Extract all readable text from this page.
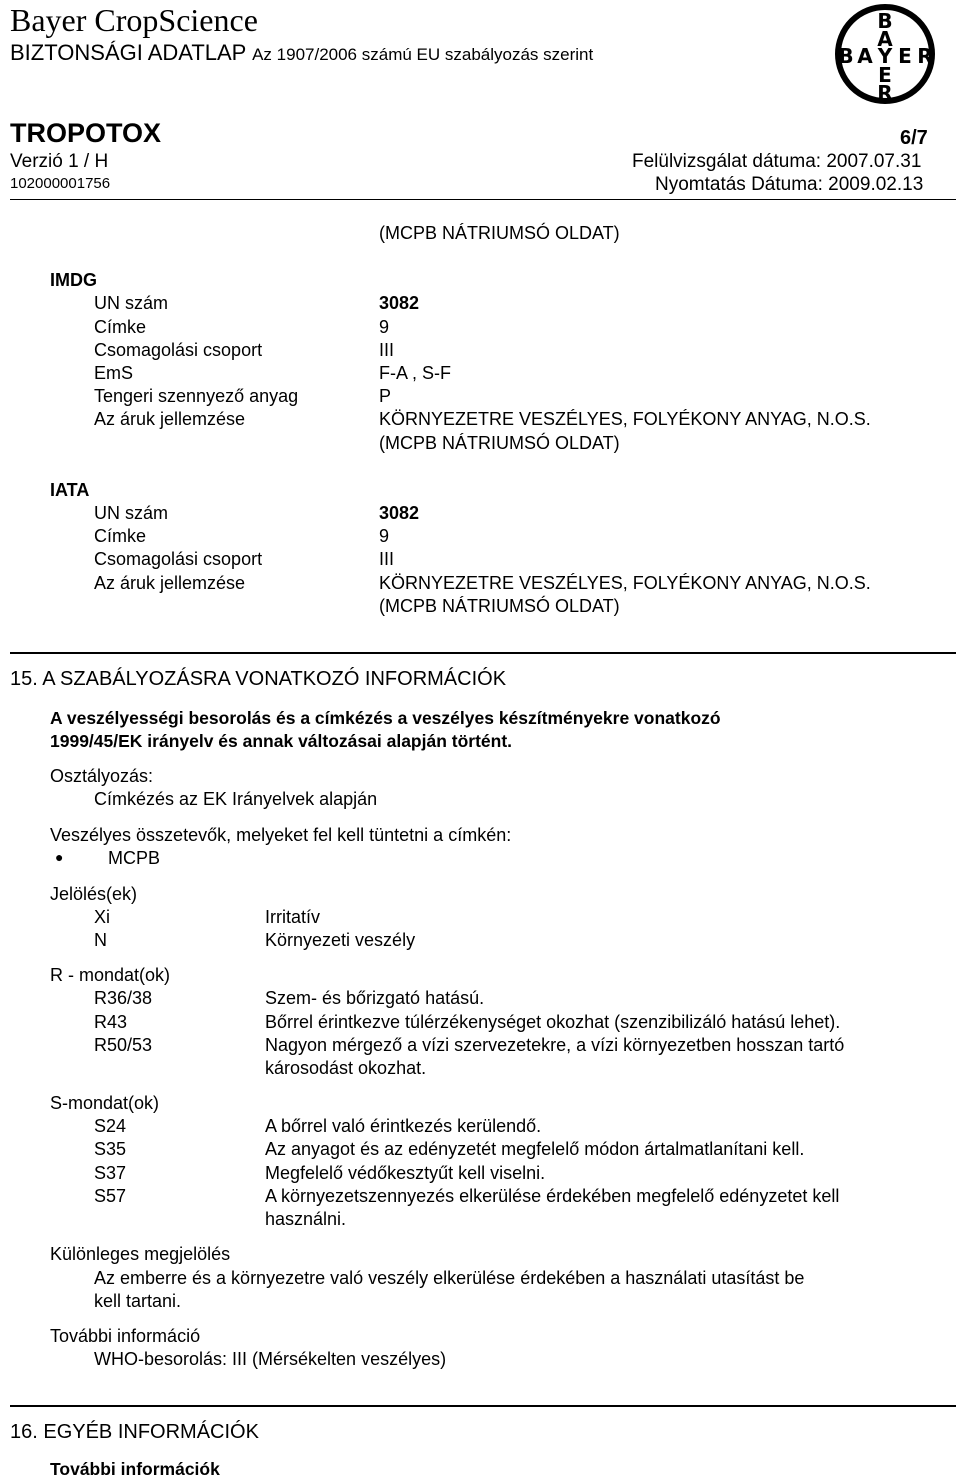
Bayer CropScience
BIZTONSÁGI ADATLAP Az 1907/2006 számú EU szabályozás szerint
B
A
B A Y E R
E
R
TROPOTOX	6/7
Verzió 1 / H	Felülvizsgálat dátuma: 2007.07.31
102000001756	Nyomtatás Dátuma: 2009.02.13
(MCPB NÁTRIUMSÓ OLDAT)
IMDG
UN szám	3082
Címke	9
Csomagolási csoport	III
EmS	F-A , S-F
Tengeri szennyező anyag	P
Az áruk jellemzése	KÖRNYEZETRE VESZÉLYES, FOLYÉKONY ANYAG, N.O.S.
(MCPB NÁTRIUMSÓ OLDAT)
IATA
UN szám	3082
Címke	9
Csomagolási csoport	III
Az áruk jellemzése	KÖRNYEZETRE VESZÉLYES, FOLYÉKONY ANYAG, N.O.S.
(MCPB NÁTRIUMSÓ OLDAT)
15. A SZABÁLYOZÁSRA VONATKOZÓ INFORMÁCIÓK
A veszélyességi besorolás és a címkézés a veszélyes készítményekre vonatkozó
1999/45/EK irányelv és annak változásai alapján történt.
Osztályozás:
Címkézés az EK Irányelvek alapján
Veszélyes összetevők, melyeket fel kell tüntetni a címkén:
● MCPB
Jelölés(ek)
Xi	Irritatív
N	Környezeti veszély
R - mondat(ok)
R36/38	Szem- és bőrizgató hatású.
R43	Bőrrel érintkezve túlérzékenységet okozhat (szenzibilizáló hatású lehet).
R50/53	Nagyon mérgező a vízi szervezetekre, a vízi környezetben hosszan tartó
károsodást okozhat.
S-mondat(ok)
S24	A bőrrel való érintkezés kerülendő.
S35	Az anyagot és az edényzetét megfelelő módon ártalmatlanítani kell.
S37	Megfelelő védőkesztyűt kell viselni.
S57	A környezetszennyezés elkerülése érdekében megfelelő edényzetet kell
használni.
Különleges megjelölés
Az emberre és a környezetre való veszély elkerülése érdekében a használati utasítást be
kell tartani.
További információ
WHO-besorolás: III (Mérsékelten veszélyes)
16. EGYÉB INFORMÁCIÓK
További információk
